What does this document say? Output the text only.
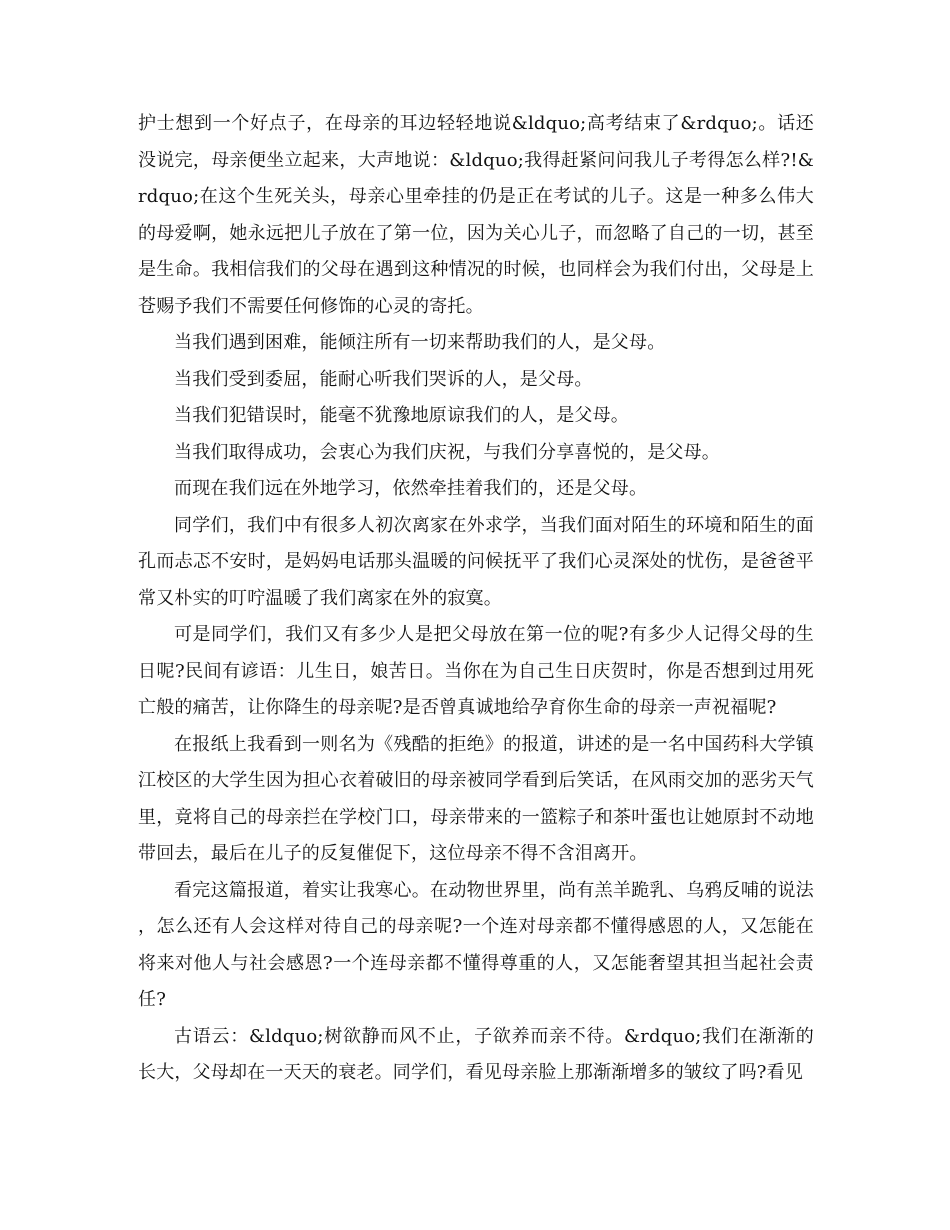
护士想到一个好点子，在母亲的耳边轻轻地说&ldquo;高考结束了&rdquo;。话还没说完，母亲便坐立起来，大声地说：&ldquo;我得赶紧问问我儿子考得怎么样?!&rdquo;在这个生死关头，母亲心里牵挂的仍是正在考试的儿子。这是一种多么伟大的母爱啊，她永远把儿子放在了第一位，因为关心儿子，而忽略了自己的一切，甚至是生命。我相信我们的父母在遇到这种情况的时候，也同样会为我们付出，父母是上苍赐予我们不需要任何修饰的心灵的寄托。

当我们遇到困难，能倾注所有一切来帮助我们的人，是父母。

当我们受到委屈，能耐心听我们哭诉的人，是父母。

当我们犯错误时，能毫不犹豫地原谅我们的人，是父母。

当我们取得成功，会衷心为我们庆祝，与我们分享喜悦的，是父母。

而现在我们远在外地学习，依然牵挂着我们的，还是父母。

同学们，我们中有很多人初次离家在外求学，当我们面对陌生的环境和陌生的面孔而忐忑不安时，是妈妈电话那头温暖的问候抚平了我们心灵深处的忧伤，是爸爸平常又朴实的叮咛温暖了我们离家在外的寂寞。

可是同学们，我们又有多少人是把父母放在第一位的呢?有多少人记得父母的生日呢?民间有谚语：儿生日，娘苦日。当你在为自己生日庆贺时，你是否想到过用死亡般的痛苦，让你降生的母亲呢?是否曾真诚地给孕育你生命的母亲一声祝福呢?

在报纸上我看到一则名为《残酷的拒绝》的报道，讲述的是一名中国药科大学镇江校区的大学生因为担心衣着破旧的母亲被同学看到后笑话，在风雨交加的恶劣天气里，竟将自己的母亲拦在学校门口，母亲带来的一篮粽子和茶叶蛋也让她原封不动地带回去，最后在儿子的反复催促下，这位母亲不得不含泪离开。

看完这篇报道，着实让我寒心。在动物世界里，尚有羔羊跪乳、乌鸦反哺的说法，怎么还有人会这样对待自己的母亲呢?一个连对母亲都不懂得感恩的人，又怎能在将来对他人与社会感恩?一个连母亲都不懂得尊重的人，又怎能奢望其担当起社会责任?

古语云：&ldquo;树欲静而风不止，子欲养而亲不待。&rdquo;我们在渐渐的长大，父母却在一天天的衰老。同学们，看见母亲脸上那渐渐增多的皱纹了吗?看见
